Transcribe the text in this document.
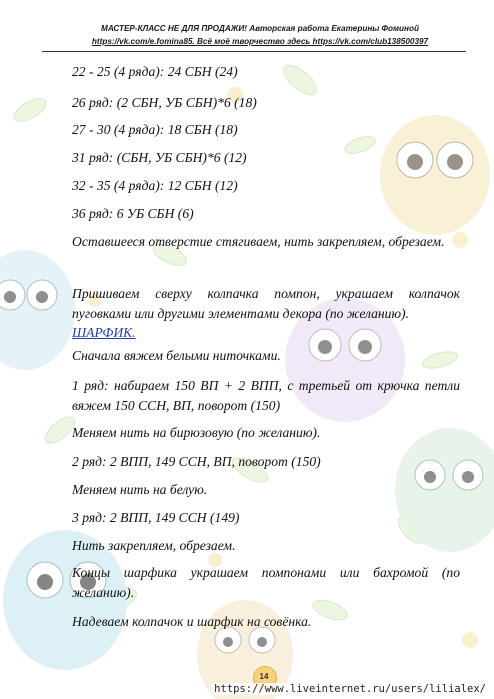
МАСТЕР-КЛАСС НЕ ДЛЯ ПРОДАЖИ! Авторская работа Екатерины Фоминой
https://vk.com/e.fomina85. Всё моё творчество здесь https://vk.com/club138500397
22 - 25 (4 ряда): 24 СБН (24)
26 ряд: (2 СБН, УБ СБН)*6 (18)
27 - 30 (4 ряда): 18 СБН (18)
31 ряд: (СБН, УБ СБН)*6 (12)
32 - 35 (4 ряда): 12 СБН (12)
36 ряд: 6 УБ СБН (6)
Оставшееся отверстие стягиваем, нить закрепляем, обрезаем.
Пришиваем сверху колпачка помпон, украшаем колпачок пуговками или другими элементами декора (по желанию).
ШАРФИК.
Сначала вяжем белыми ниточками.
1 ряд: набираем 150 ВП + 2 ВПП, с третьей от крючка петли вяжем 150 ССН, ВП, поворот (150)
Меняем нить на бирюзовую (по желанию).
2 ряд: 2 ВПП, 149 ССН, ВП, поворот (150)
Меняем нить на белую.
3 ряд: 2 ВПП, 149 ССН (149)
Нить закрепляем, обрезаем.
Концы шарфика украшаем помпонами или бахромой (по желанию).
Надеваем колпачок и шарфик на совёнка.
14
https://www.liveinternet.ru/users/lilialex/
